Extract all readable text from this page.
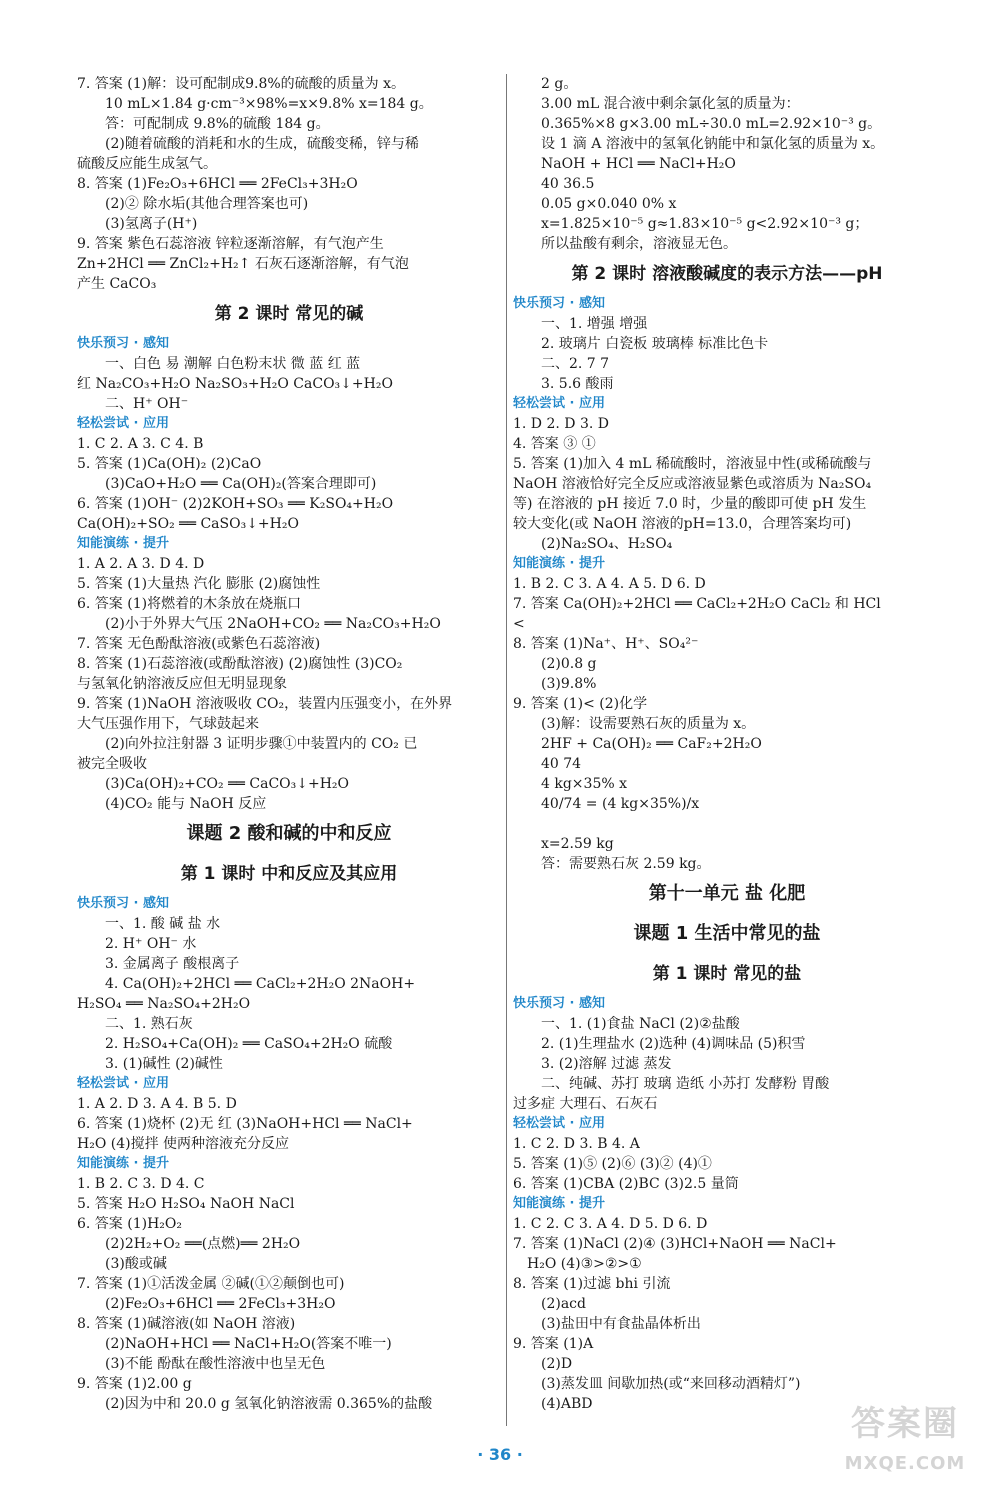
7. 答案 (1)解：设可配制成9.8%的硫酸的质量为 x。
10 mL×1.84 g·cm⁻³×98%=x×9.8% x=184 g。
答：可配制成 9.8%的硫酸 184 g。
(2)随着硫酸的消耗和水的生成，硫酸变稀，锌与稀
硫酸反应能生成氢气。
8. 答案 (1)Fe₂O₃+6HCl ══ 2FeCl₃+3H₂O
(2)② 除水垢(其他合理答案也可)
(3)氢离子(H⁺)
9. 答案 紫色石蕊溶液 锌粒逐渐溶解，有气泡产生
Zn+2HCl ══ ZnCl₂+H₂↑ 石灰石逐渐溶解，有气泡
产生 CaCO₃
第 2 课时 常见的碱
快乐预习 · 感知
一、白色 易 潮解 白色粉末状 微 蓝 红 蓝
红 Na₂CO₃+H₂O Na₂SO₃+H₂O CaCO₃↓+H₂O
二、H⁺ OH⁻
轻松尝试 · 应用
1. C 2. A 3. C 4. B
5. 答案 (1)Ca(OH)₂ (2)CaO
(3)CaO+H₂O ══ Ca(OH)₂(答案合理即可)
6. 答案 (1)OH⁻ (2)2KOH+SO₃ ══ K₂SO₄+H₂O
Ca(OH)₂+SO₂ ══ CaSO₃↓+H₂O
知能演练 · 提升
1. A 2. A 3. D 4. D
5. 答案 (1)大量热 汽化 膨胀 (2)腐蚀性
6. 答案 (1)将燃着的木条放在烧瓶口
(2)小于外界大气压 2NaOH+CO₂ ══ Na₂CO₃+H₂O
7. 答案 无色酚酞溶液(或紫色石蕊溶液)
8. 答案 (1)石蕊溶液(或酚酞溶液) (2)腐蚀性 (3)CO₂
与氢氧化钠溶液反应但无明显现象
9. 答案 (1)NaOH 溶液吸收 CO₂，装置内压强变小，在外界
大气压强作用下，气球鼓起来
(2)向外拉注射器 3 证明步骤①中装置内的 CO₂ 已
被完全吸收
(3)Ca(OH)₂+CO₂ ══ CaCO₃↓+H₂O
(4)CO₂ 能与 NaOH 反应
课题 2 酸和碱的中和反应
第 1 课时 中和反应及其应用
快乐预习 · 感知
一、1. 酸 碱 盐 水
2. H⁺ OH⁻ 水
3. 金属离子 酸根离子
4. Ca(OH)₂+2HCl ══ CaCl₂+2H₂O 2NaOH+
H₂SO₄ ══ Na₂SO₄+2H₂O
二、1. 熟石灰
2. H₂SO₄+Ca(OH)₂ ══ CaSO₄+2H₂O 硫酸
3. (1)碱性 (2)碱性
轻松尝试 · 应用
1. A 2. D 3. A 4. B 5. D
6. 答案 (1)烧杯 (2)无 红 (3)NaOH+HCl ══ NaCl+
H₂O (4)搅拌 使两种溶液充分反应
知能演练 · 提升
1. B 2. C 3. D 4. C
5. 答案 H₂O H₂SO₄ NaOH NaCl
6. 答案 (1)H₂O₂
(2)2H₂+O₂ ══(点燃)══ 2H₂O
(3)酸或碱
7. 答案 (1)①活泼金属 ②碱(①②颠倒也可)
(2)Fe₂O₃+6HCl ══ 2FeCl₃+3H₂O
8. 答案 (1)碱溶液(如 NaOH 溶液)
(2)NaOH+HCl ══ NaCl+H₂O(答案不唯一)
(3)不能 酚酞在酸性溶液中也呈无色
9. 答案 (1)2.00 g
(2)因为中和 20.0 g 氢氧化钠溶液需 0.365%的盐酸
2 g。
3.00 mL 混合液中剩余氯化氢的质量为：
0.365%×8 g×3.00 mL÷30.0 mL=2.92×10⁻³ g。
设 1 滴 A 溶液中的氢氧化钠能中和氯化氢的质量为 x。
NaOH + HCl ══ NaCl+H₂O
40 36.5
0.05 g×0.040 0% x
x=1.825×10⁻⁵ g≈1.83×10⁻⁵ g<2.92×10⁻³ g；
所以盐酸有剩余，溶液显无色。
第 2 课时 溶液酸碱度的表示方法——pH
快乐预习 · 感知
一、1. 增强 增强
2. 玻璃片 白瓷板 玻璃棒 标准比色卡
二、2. 7 7
3. 5.6 酸雨
轻松尝试 · 应用
1. D 2. D 3. D
4. 答案 ③ ①
5. 答案 (1)加入 4 mL 稀硫酸时，溶液显中性(或稀硫酸与
NaOH 溶液恰好完全反应或溶液显紫色或溶质为 Na₂SO₄
等) 在溶液的 pH 接近 7.0 时，少量的酸即可使 pH 发生
较大变化(或 NaOH 溶液的pH=13.0，合理答案均可)
(2)Na₂SO₄、H₂SO₄
知能演练 · 提升
1. B 2. C 3. A 4. A 5. D 6. D
7. 答案 Ca(OH)₂+2HCl ══ CaCl₂+2H₂O CaCl₂ 和 HCl
<
8. 答案 (1)Na⁺、H⁺、SO₄²⁻
(2)0.8 g
(3)9.8%
9. 答案 (1)< (2)化学
(3)解：设需要熟石灰的质量为 x。
2HF + Ca(OH)₂ ══ CaF₂+2H₂O
40 74
4 kg×35% x
40/74 = (4 kg×35%)/x
x=2.59 kg
答：需要熟石灰 2.59 kg。
第十一单元 盐 化肥
课题 1 生活中常见的盐
第 1 课时 常见的盐
快乐预习 · 感知
一、1. (1)食盐 NaCl (2)②盐酸
2. (1)生理盐水 (2)选种 (4)调味品 (5)积雪
3. (2)溶解 过滤 蒸发
二、纯碱、苏打 玻璃 造纸 小苏打 发酵粉 胃酸
过多症 大理石、石灰石
轻松尝试 · 应用
1. C 2. D 3. B 4. A
5. 答案 (1)⑤ (2)⑥ (3)② (4)①
6. 答案 (1)CBA (2)BC (3)2.5 量筒
知能演练 · 提升
1. C 2. C 3. A 4. D 5. D 6. D
7. 答案 (1)NaCl (2)④ (3)HCl+NaOH ══ NaCl+
H₂O (4)③>②>①
8. 答案 (1)过滤 bhi 引流
(2)acd
(3)盐田中有食盐晶体析出
9. 答案 (1)A
(2)D
(3)蒸发皿 间歇加热(或“来回移动酒精灯”)
(4)ABD
· 36 ·
答案圈
MXQE.COM
